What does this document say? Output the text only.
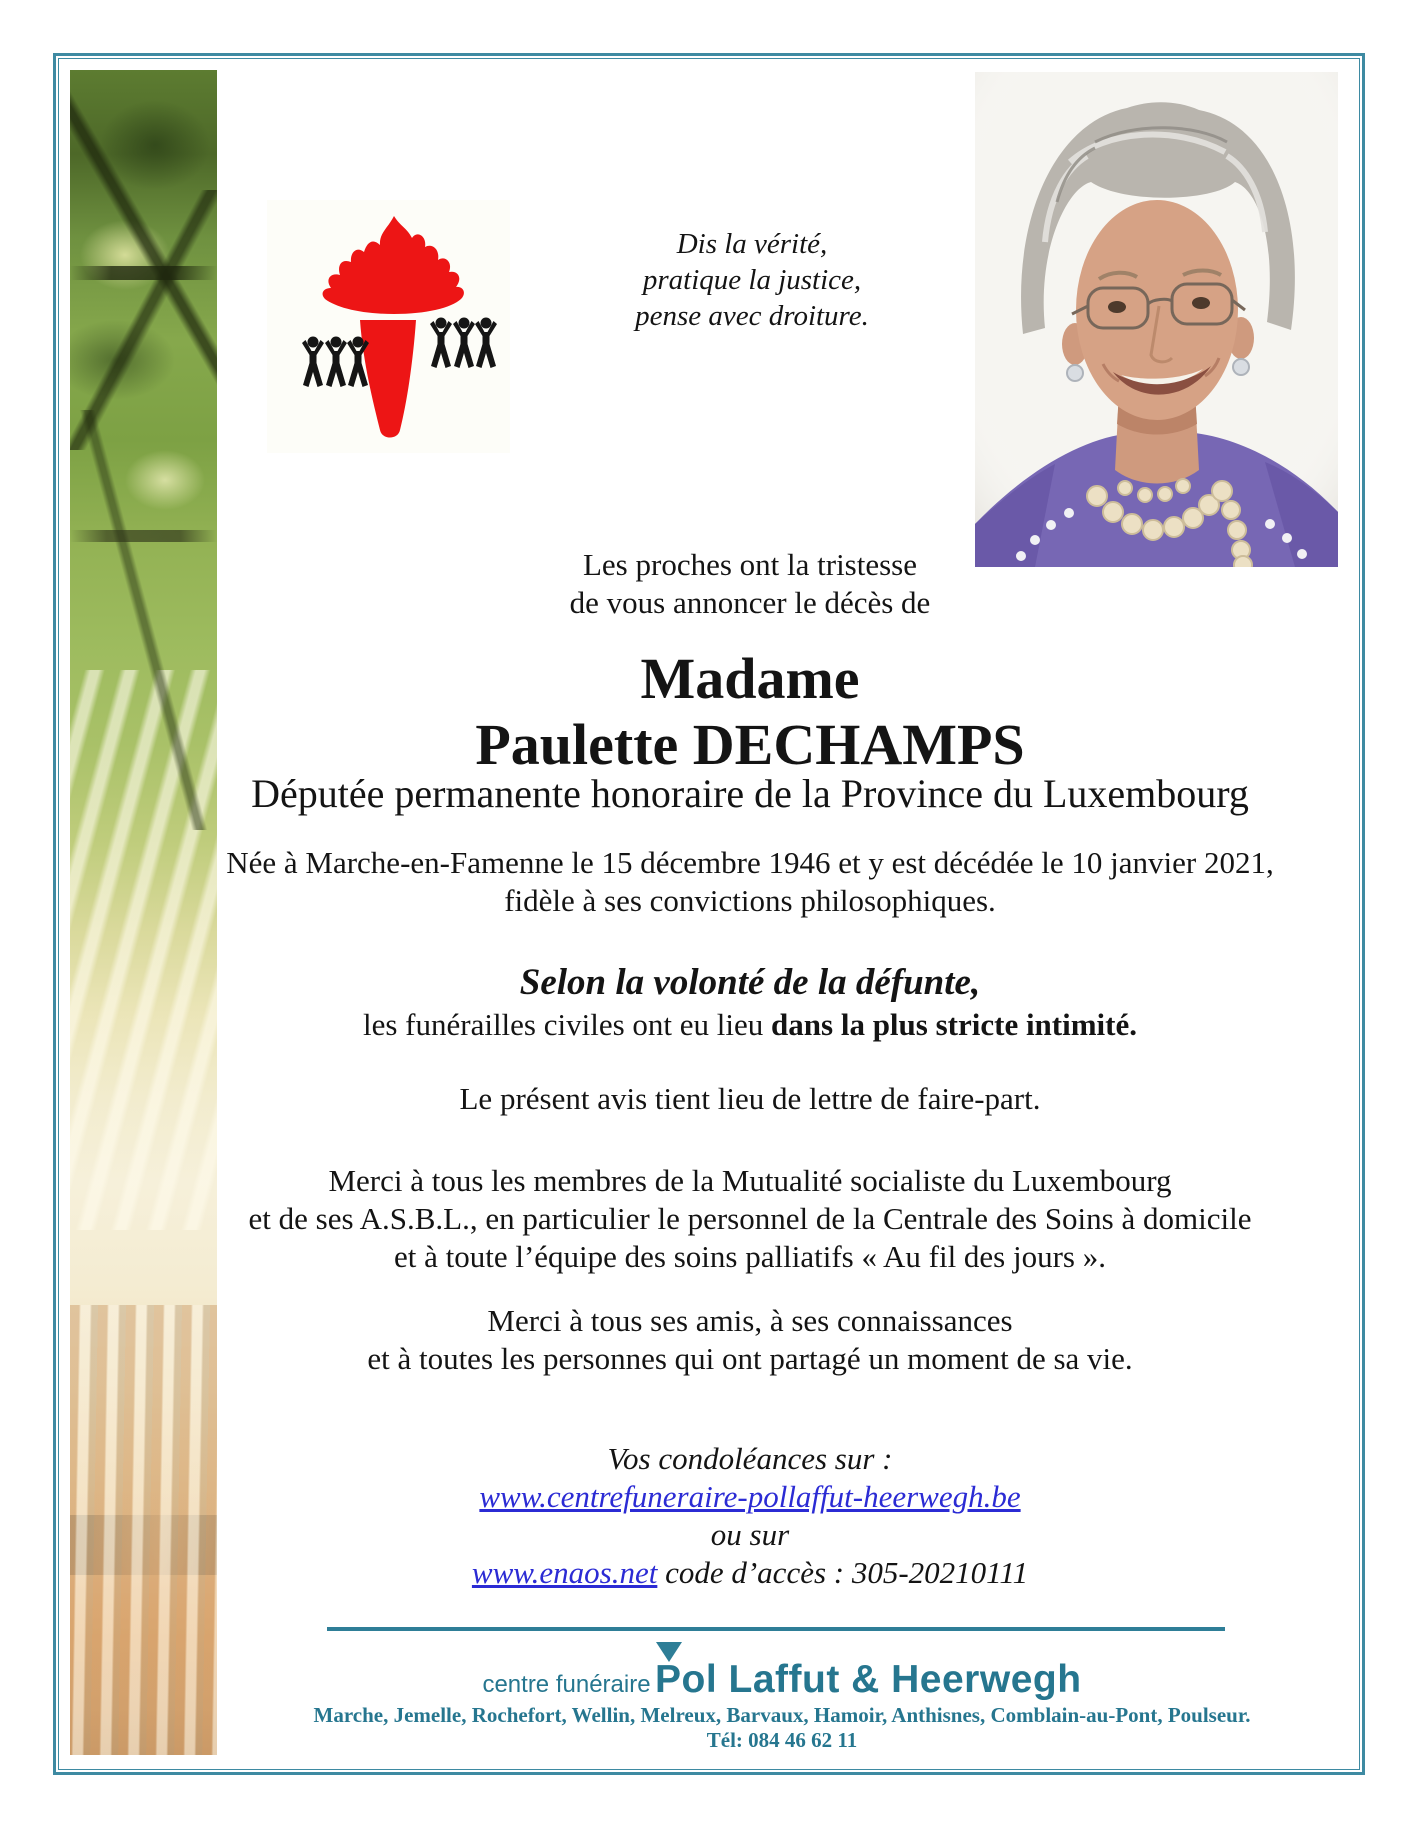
Dis la vérité,
pratique la justice,
pense avec droiture.
Les proches ont la tristesse
de vous annoncer le décès de
Madame
Paulette DECHAMPS
Députée permanente honoraire de la Province du Luxembourg
Née à Marche-en-Famenne le 15 décembre 1946 et y est décédée le 10 janvier 2021,
fidèle à ses convictions philosophiques.
Selon la volonté de la défunte,
les funérailles civiles ont eu lieu dans la plus stricte intimité.
Le présent avis tient lieu de lettre de faire-part.
Merci à tous les membres de la Mutualité socialiste du Luxembourg
et de ses A.S.B.L., en particulier le personnel de la Centrale des Soins à domicile
et à toute l’équipe des soins palliatifs « Au fil des jours ».
Merci à tous ses amis, à ses connaissances
et à toutes les personnes qui ont partagé un moment de sa vie.
Vos condoléances sur :
www.centrefuneraire-pollaffut-heerwegh.be
ou sur
www.enaos.net code d’accès : 305-20210111
centre funéraire Pol Laffut & Heerwegh
Marche, Jemelle, Rochefort, Wellin, Melreux, Barvaux, Hamoir, Anthisnes, Comblain-au-Pont, Poulseur.
Tél: 084 46 62 11
